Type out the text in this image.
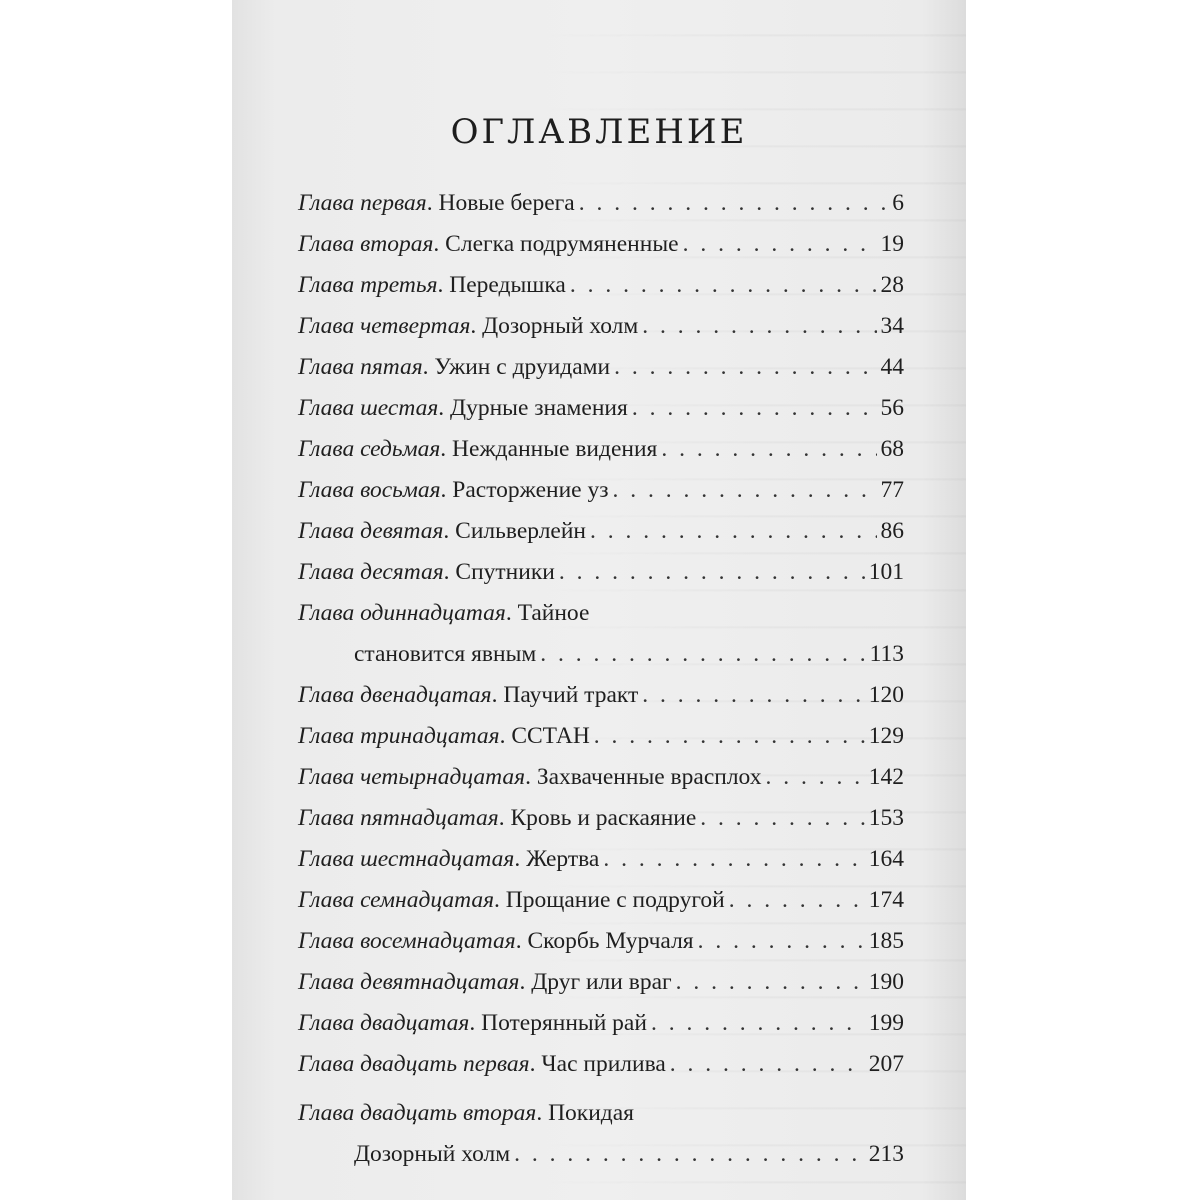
ОГЛАВЛЕНИЕ
Глава первая . Новые берега . . .	6
Глава вторая . Слегка подрумяненные . . .	19
Глава третья . Передышка . . .	28
Глава четвертая . Дозорный холм . . .	34
Глава пятая . Ужин с друидами . . .	44
Глава шестая . Дурные знамения . . .	56
Глава седьмая . Нежданные видения . . .	68
Глава восьмая . Расторжение уз . . .	77
Глава девятая . Сильверлейн . . .	86
Глава десятая . Спутники . . .	101
Глава одиннадцатая. Тайное
становится явным . . .	113
Глава двенадцатая . Паучий тракт . . .	120
Глава тринадцатая . ССТАН . . .	129
Глава четырнадцатая . Захваченные врасплох . . .	142
Глава пятнадцатая . Кровь и раскаяние . . .	153
Глава шестнадцатая . Жертва . . .	164
Глава семнадцатая . Прощание с подругой . . .	174
Глава восемнадцатая . Скорбь Мурчаля . . .	185
Глава девятнадцатая . Друг или враг . . .	190
Глава двадцатая . Потерянный рай . . .	199
Глава двадцать первая . Час прилива . . .	207
Глава двадцать вторая. Покидая
Дозорный холм . . .	213
